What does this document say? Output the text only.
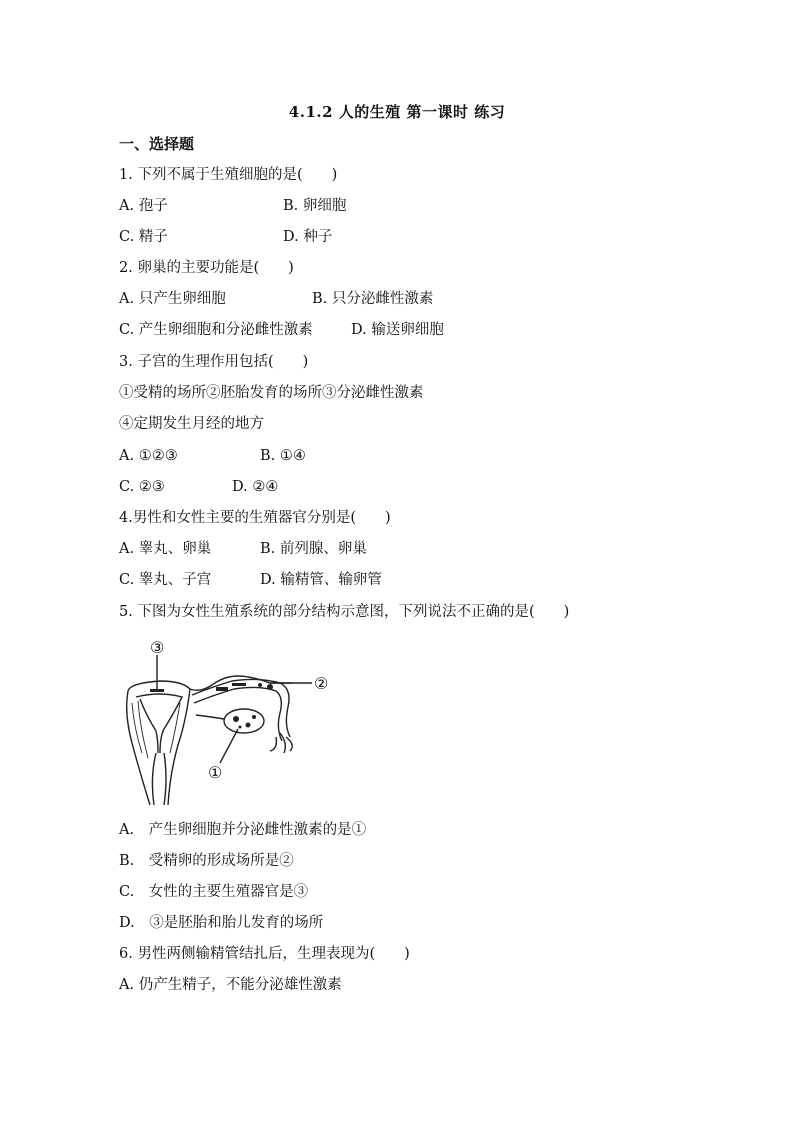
4.1.2 人的生殖 第一课时 练习
一、选择题
1. 下列不属于生殖细胞的是(　　)
A. 孢子	B. 卵细胞
C. 精子	D. 种子
2. 卵巢的主要功能是(　　)
A. 只产生卵细胞	B. 只分泌雌性激素
C. 产生卵细胞和分泌雌性激素	D. 输送卵细胞
3. 子宫的生理作用包括(　　)
①受精的场所②胚胎发育的场所③分泌雌性激素
④定期发生月经的地方
A. ①②③	B. ①④
C. ②③	D. ②④
4.男性和女性主要的生殖器官分别是(　　)
A. 睾丸、卵巢	B. 前列腺、卵巢
C. 睾丸、子宫	D. 输精管、输卵管
5. 下图为女性生殖系统的部分结构示意图，下列说法不正确的是(　　)
③
②
①
A.　产生卵细胞并分泌雌性激素的是①
B.　受精卵的形成场所是②
C.　女性的主要生殖器官是③
D.　③是胚胎和胎儿发育的场所
6. 男性两侧输精管结扎后，生理表现为(　　)
A. 仍产生精子，不能分泌雄性激素
